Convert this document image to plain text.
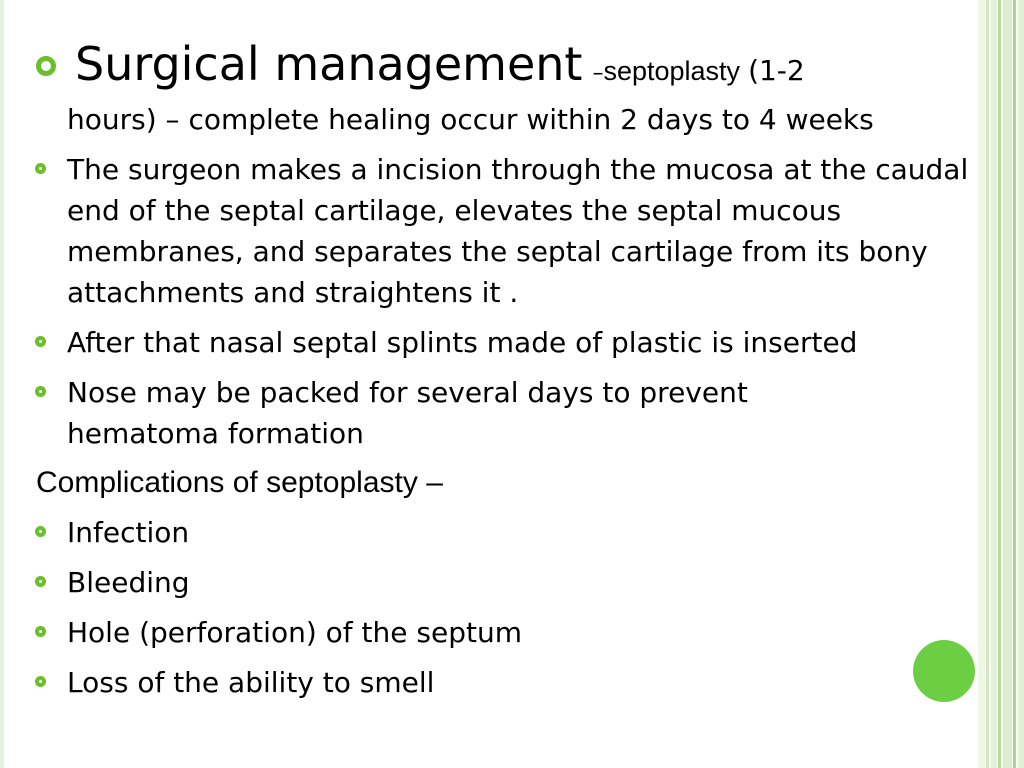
Surgical management –septoplasty (1-2
hours) – complete healing occur within 2 days to 4 weeks
The surgeon makes a incision through the mucosa at the caudal end of the septal cartilage, elevates the septal mucous membranes, and separates the septal cartilage from its bony attachments and straightens it .
After that nasal septal splints made of plastic is inserted
Nose may be packed for several days to prevent hematoma formation
Complications of septoplasty –
Infection
Bleeding
Hole (perforation) of the septum
Loss of the ability to smell
